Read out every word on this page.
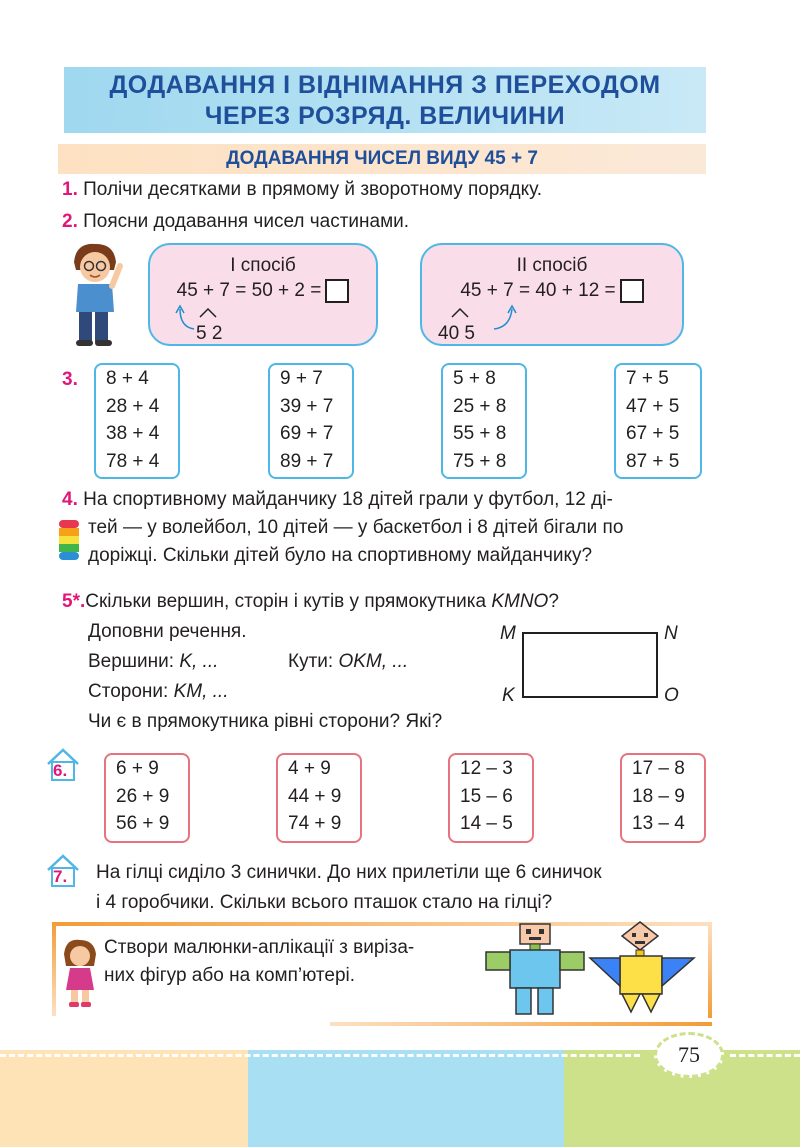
ДОДАВАННЯ І ВІДНІМАННЯ З ПЕРЕХОДОМ
ЧЕРЕЗ РОЗРЯД. ВЕЛИЧИНИ
ДОДАВАННЯ ЧИСЕЛ ВИДУ 45 + 7
1. Полічи десятками в прямому й зворотному порядку.
2. Поясни додавання чисел частинами.
І спосіб
45 + 7 = 50 + 2 =
5 2
ІІ спосіб
45 + 7 = 40 + 12 =
40 5
3. 8 + 4
28 + 4
38 + 4
78 + 4
9 + 7
39 + 7
69 + 7
89 + 7
5 + 8
25 + 8
55 + 8
75 + 8
7 + 5
47 + 5
67 + 5
87 + 5
4. На спортивному майданчику 18 дітей грали у футбол, 12 ді-
тей — у волейбол, 10 дітей — у баскетбол і 8 дітей бігали по
доріжці. Скільки дітей було на спортивному майданчику?
5*.Скільки вершин, сторін і кутів у прямокутника KMNO?
Доповни речення.
Вершини: K, ...	Кути: OKM, ...
Сторони: KM, ...
Чи є в прямокутника рівні сторони? Які?
M	N
K	O
6.	6 + 9
26 + 9
56 + 9
4 + 9
44 + 9
74 + 9
12 – 3
15 – 6
14 – 5
17 – 8
18 – 9
13 – 4
7. На гілці сиділо 3 синички. До них прилетіли ще 6 синичок
і 4 горобчики. Скільки всього пташок стало на гілці?
Створи малюнки-аплікації з виріза-
них фігур або на комп’ютері.
75
